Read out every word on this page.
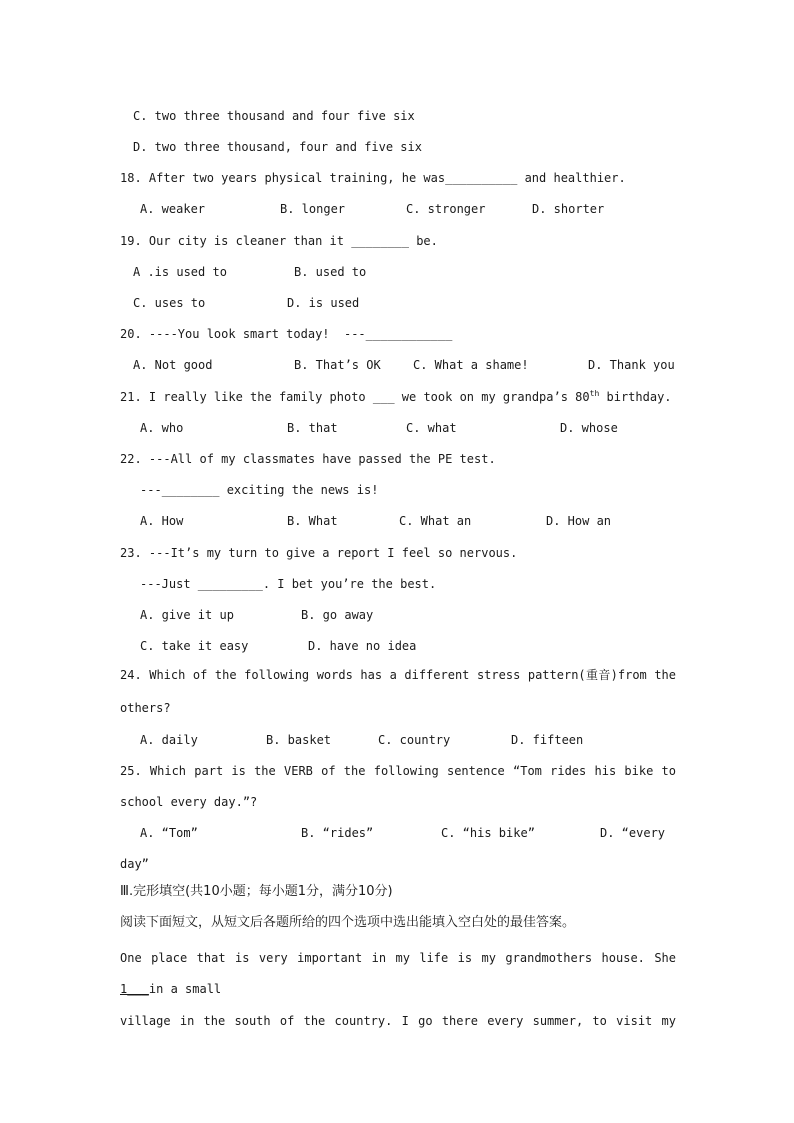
C. two three thousand and four five six
D. two three thousand, four and five six
18. After two years physical training, he was__________ and healthier.
A. weaker	B. longer	C. stronger	D. shorter
19. Our city is cleaner than it ________ be.
A .is used to	B. used to
C. uses to	D. is used
20. ----You look smart today!  ---____________
A. Not good	B. That’s OK	C. What a shame!	D. Thank you
21. I really like the family photo ___ we took on my grandpa’s 80th birthday.
A. who	B. that	C. what	D. whose
22. ---All of my classmates have passed the PE test.
---________ exciting the news is!
A. How	B. What	C. What an	D. How an
23. ---It’s my turn to give a report I feel so nervous.
---Just _________. I bet you’re the best.
A. give it up	B. go away
C. take it easy	D. have no idea
24. Which of the following words has a different stress pattern(重音)from the
others?
A. daily	B. basket	C. country	D. fifteen
25. Which part is the VERB of the following sentence “Tom rides his bike to
school every day.”?
A. “Tom”	B. “rides”	C. “his bike”	D. “every
day”
Ⅲ.完形填空(共10小题；每小题1分，满分10分)
阅读下面短文，从短文后各题所给的四个选项中选出能填入空白处的最佳答案。
One place that is very important in my life is my grandmothers house. She
1___in a small
village in the south of the country. I go there every summer, to visit my
